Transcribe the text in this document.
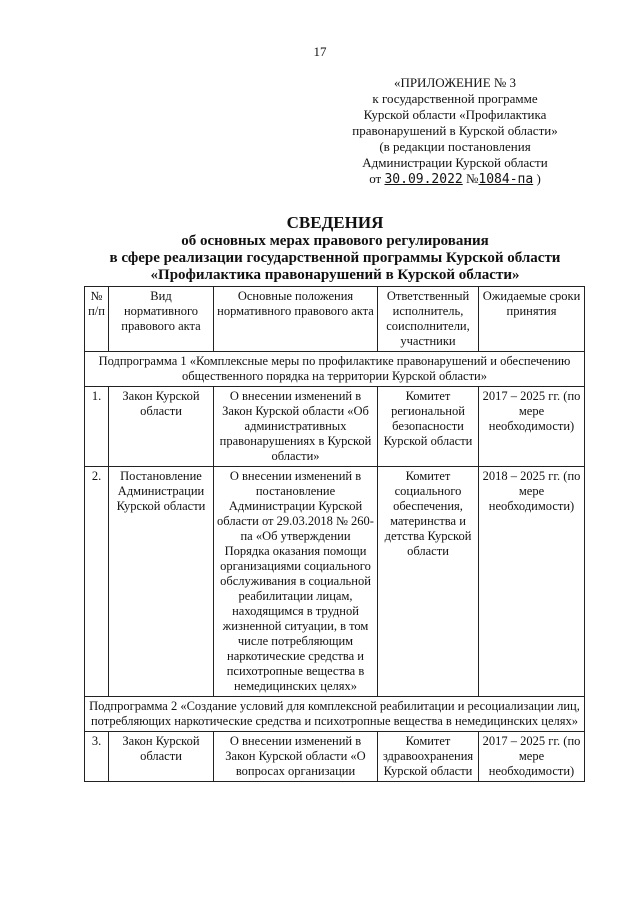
17
«ПРИЛОЖЕНИЕ № 3
к государственной программе
Курской области «Профилактика
правонарушений в Курской области»
(в редакции постановления
Администрации Курской области
от 30.09.2022 №1084-па )
СВЕДЕНИЯ
об основных мерах правового регулирования
в сфере реализации государственной программы Курской области
«Профилактика правонарушений в Курской области»
№ п/п	Вид нормативного правового акта	Основные положения нормативного правового акта	Ответственный исполнитель, соисполнители, участники	Ожидаемые сроки принятия
Подпрограмма 1 «Комплексные меры по профилактике правонарушений и обеспечению общественного порядка на территории Курской области»				
1.	Закон Курской области	О внесении изменений в Закон Курской области «Об административных правонарушениях в Курской области»	Комитет региональной безопасности Курской области	2017 – 2025 гг. (по мере необходимости)
2.	Постановление Администрации Курской области	О внесении изменений в постановление Администрации Курской области от 29.03.2018 № 260-па «Об утверждении Порядка оказания помощи организациями социального обслуживания в социальной реабилитации лицам, находящимся в трудной жизненной ситуации, в том числе потребляющим наркотические средства и психотропные вещества в немедицинских целях»	Комитет социального обеспечения, материнства и детства Курской области	2018 – 2025 гг. (по мере необходимости)
Подпрограмма 2 «Создание условий для комплексной реабилитации и ресоциализации лиц, потребляющих наркотические средства и психотропные вещества в немедицинских целях»				
3.	Закон Курской области	О внесении изменений в Закон Курской области «О вопросах организации	Комитет здравоохранения Курской области	2017 – 2025 гг. (по мере необходимости)
